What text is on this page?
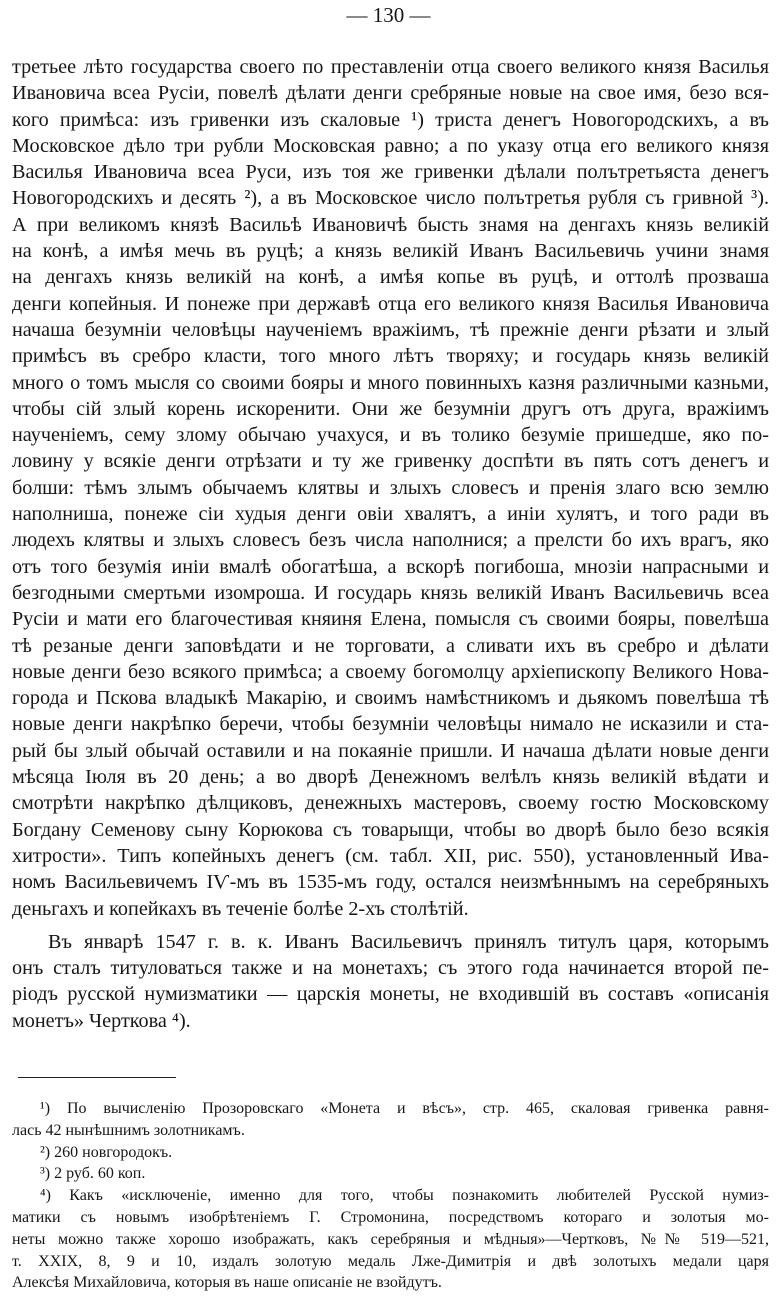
— 130 —
третьее лѣто государства своего по преставленiи отца своего великого князя Василья
Ивановича всеа Русiи, повелѣ дѣлати денги сребряные новые на свое имя, безо вся-
кого примѣса: изъ гривенки изъ скаловые ¹) триста денегъ Новогородскихъ, а въ
Московское дѣло три рубли Московская равно; а по указу отца его великого князя
Василья Ивановича всеа Руси, изъ тоя же гривенки дѣлали полътретьяста денегъ
Новогородскихъ и десять ²), а въ Московское число полътретья рубля съ гривной ³).
А при великомъ князѣ Васильѣ Ивановичѣ бысть знамя на денгахъ князь великiй
на конѣ, а имѣя мечь въ руцѣ; а князь великiй Иванъ Васильевичь учини знамя
на денгахъ князь великiй на конѣ, а имѣя копье въ руцѣ, и оттолѣ прозваша
денги копейныя. И понеже при державѣ отца его великого князя Василья Ивановича
начаша безумнiи человѣцы наученiемъ вражiимъ, тѣ прежнiе денги рѣзати и злый
примѣсъ въ сребро класти, того много лѣтъ творяху; и государь князь великiй
много о томъ мысля со своими бояры и много повинныхъ казня различными казньми,
чтобы сiй злый корень искоренити. Они же безумнiи другъ отъ друга, вражiимъ
наученiемъ, сему злому обычаю учахуся, и въ толико безумiе пришедше, яко по-
ловину у всякiе денги отрѣзати и ту же гривенку доспѣти въ пять сотъ денегъ и
болши: тѣмъ злымъ обычаемъ клятвы и злыхъ словесъ и пренiя злаго всю землю
наполниша, понеже сiи худыя денги овiи хвалятъ, а инiи хулятъ, и того ради въ
людехъ клятвы и злыхъ словесъ безъ числа наполнися; а прелсти бо ихъ врагъ, яко
отъ того безумiя инiи вмалѣ обогатѣша, а вскорѣ погибоша, мнозiи напрасными и
безгодными смертьми изомроша. И государь князь великiй Иванъ Васильевичь всеа
Русiи и мати его благочестивая княиня Елена, помысля съ своими бояры, повелѣша
тѣ резаные денги заповѣдати и не торговати, а сливати ихъ въ сребро и дѣлати
новые денги безо всякого примѣса; а своему богомолцу архiепископу Великого Нова-
города и Пскова владыкѣ Макарiю, и своимъ намѣстникомъ и дьякомъ повелѣша тѣ
новые денги накрѣпко беречи, чтобы безумнiи человѣцы нимало не исказили и ста-
рый бы злый обычай оставили и на покаянiе пришли. И начаша дѣлати новые денги
мѣсяца Iюля въ 20 день; а во дворѣ Денежномъ велѣлъ князь великiй вѣдати и
смотрѣти накрѣпко дѣлциковъ, денежныхъ мастеровъ, своему гостю Московскому
Богдану Семенову сыну Корюкова съ товарыщи, чтобы во дворѣ было безо всякiя
хитрости». Типъ копейныхъ денегъ (см. табл. XII, рис. 550), установленный Ива-
номъ Васильевичемъ IѴ-мъ въ 1535-мъ году, остался неизмѣннымъ на серебряныхъ
деньгахъ и копейкахъ въ теченiе болѣе 2-хъ столѣтiй.
Въ январѣ 1547 г. в. к. Иванъ Васильевичъ принялъ титулъ царя, которымъ
онъ сталъ титуловаться также и на монетахъ; съ этого года начинается второй пе-
рiодъ русской нумизматики — царскiя монеты, не входившiй въ составъ «описанiя
монетъ» Черткова ⁴).
¹) По вычисленiю Прозоровскаго «Монета и вѣсъ», стр. 465, скаловая гривенка равня-
лась 42 нынѣшнимъ золотникамъ.
²) 260 новгородокъ.
³) 2 руб. 60 коп.
⁴) Какъ «исключенiе, именно для того, чтобы познакомить любителей Русской нумиз-
матики съ новымъ изобрѣтенiемъ Г. Стромонина, посредствомъ котораго и золотыя мо-
неты можно также хорошо изображать, какъ серебряныя и мѣдныя»—Чертковъ, №№ 519—521,
т. XXIX, 8, 9 и 10, издалъ золотую медаль Лже-Димитрiя и двѣ золотыхъ медали царя
Алексѣя Михайловича, которыя въ наше описанiе не взойдутъ.
